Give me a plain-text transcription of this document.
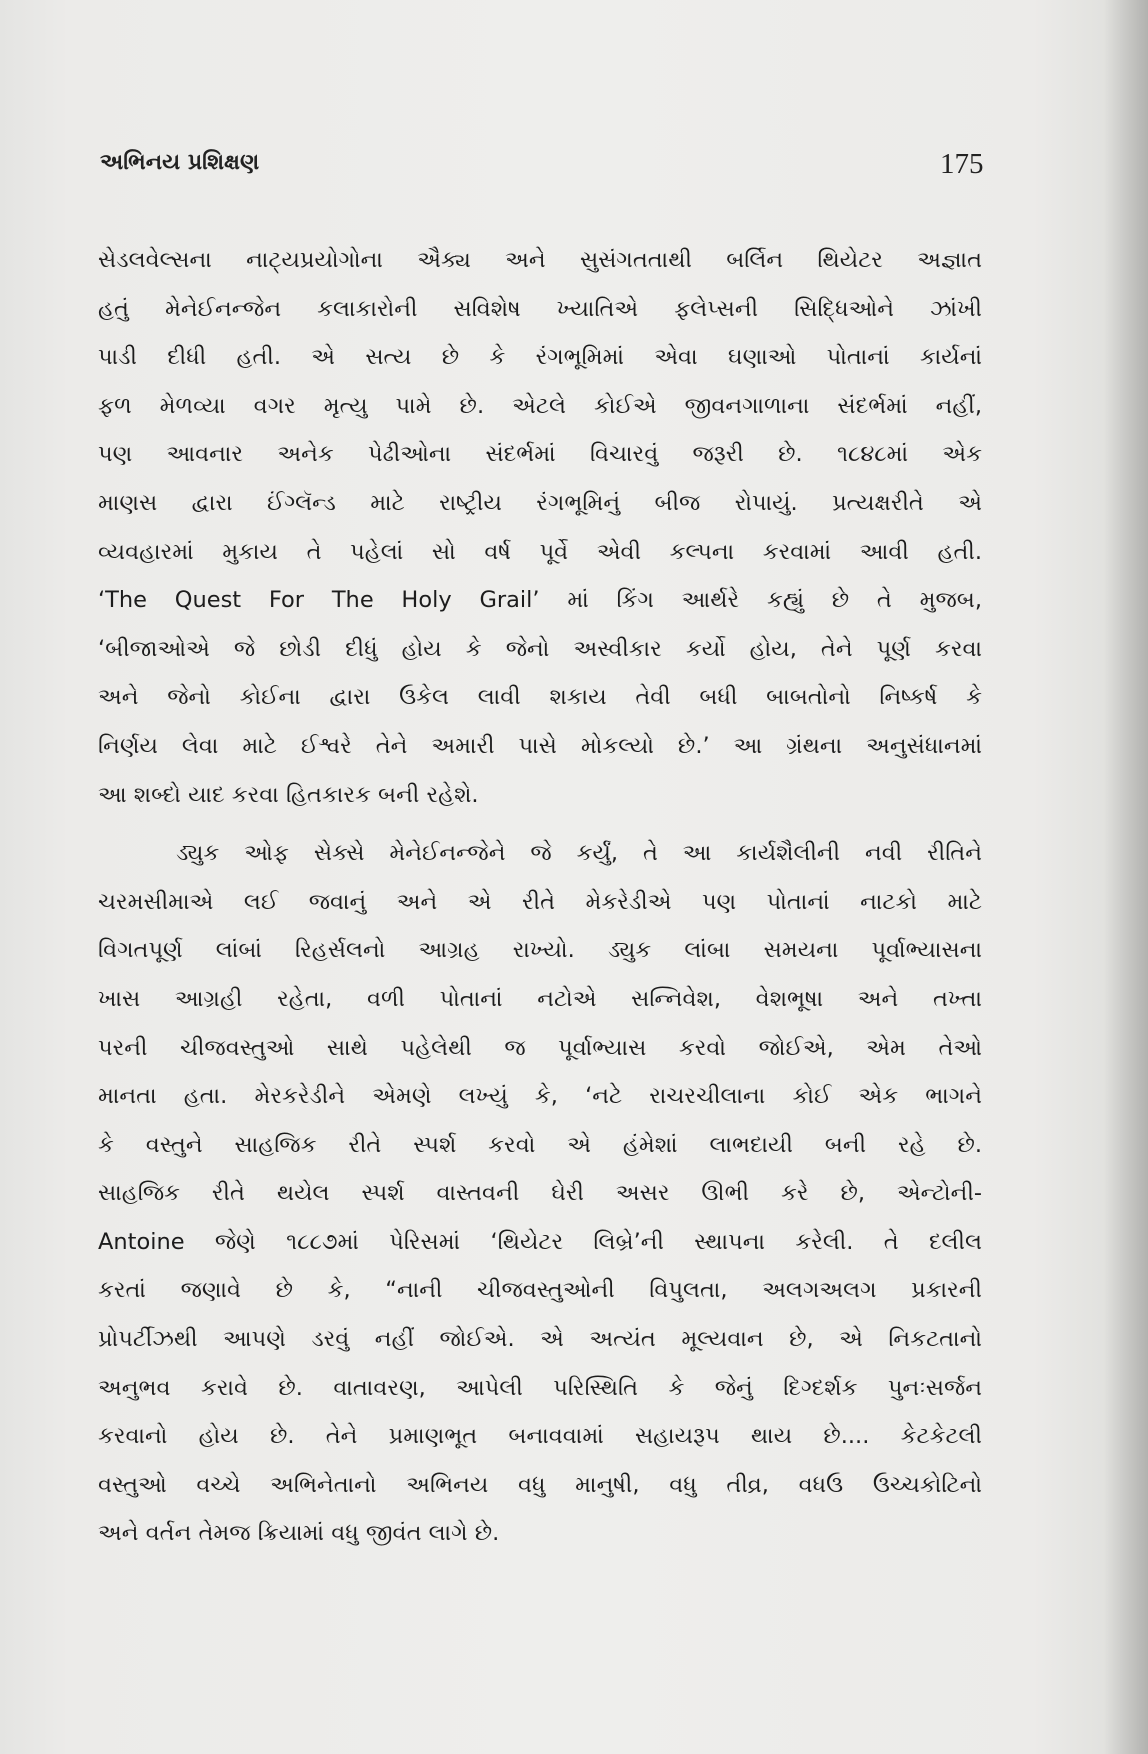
અભિનય પ્રશિક્ષણ	175
સેડલવેલ્સના નાટ્યપ્રયોગોના ઐક્ય અને સુસંગતતાથી બર્લિન થિયેટર અજ્ઞાત
હતું મેનેઈનન્જેન કલાકારોની સવિશેષ ખ્યાતિએ ફલેપ્સની સિદ્ધિઓને ઝાંખી
પાડી દીધી હતી. એ સત્ય છે કે રંગભૂમિમાં એવા ઘણાઓ પોતાનાં કાર્યનાં
ફળ મેળવ્યા વગર મૃત્યુ પામે છે. એટલે કોઈએ જીવનગાળાના સંદર્ભમાં નહીં,
પણ આવનાર અનેક પેઢીઓના સંદર્ભમાં વિચારવું જરૂરી છે. ૧૮૪૮માં એક
માણસ દ્વારા ઈંગ્લૅન્ડ માટે રાષ્ટ્રીય રંગભૂમિનું બીજ રોપાયું. પ્રત્યક્ષરીતે એ
વ્યવહારમાં મુકાય તે પહેલાં સો વર્ષ પૂર્વે એવી કલ્પના કરવામાં આવી હતી.
‘The Quest For The Holy Grail’ માં કિંગ આર્થરે કહ્યું છે તે મુજબ,
‘બીજાઓએ જે છોડી દીધું હોય કે જેનો અસ્વીકાર કર્યો હોય, તેને પૂર્ણ કરવા
અને જેનો કોઈના દ્વારા ઉકેલ લાવી શકાય તેવી બધી બાબતોનો નિષ્કર્ષ કે
નિર્ણય લેવા માટે ઈશ્વરે તેને અમારી પાસે મોકલ્યો છે.’ આ ગ્રંથના અનુસંધાનમાં
આ શબ્દો યાદ કરવા હિતકારક બની રહેશે.
ડ્યુક ઓફ સેક્સે મેનેઈનન્જેને જે કર્યું, તે આ કાર્યશૈલીની નવી રીતિને
ચરમસીમાએ લઈ જવાનું અને એ રીતે મેકરેડીએ પણ પોતાનાં નાટકો માટે
વિગતપૂર્ણ લાંબાં રિહર્સલનો આગ્રહ રાખ્યો. ડ્યુક લાંબા સમયના પૂર્વાભ્યાસના
ખાસ આગ્રહી રહેતા, વળી પોતાનાં નટોએ સન્નિવેશ, વેશભૂષા અને તખ્તા
પરની ચીજવસ્તુઓ સાથે પહેલેથી જ પૂર્વાભ્યાસ કરવો જોઈએ, એમ તેઓ
માનતા હતા. મેરકરેડીને એમણે લખ્યું કે, ‘નટે રાચરચીલાના કોઈ એક ભાગને
કે વસ્તુને સાહજિક રીતે સ્પર્શ કરવો એ હંમેશાં લાભદાયી બની રહે છે.
સાહજિક રીતે થયેલ સ્પર્શ વાસ્તવની ઘેરી અસર ઊભી કરે છે, એન્ટોની-
Antoine જેણે ૧૮૮૭માં પેરિસમાં ‘થિયેટર લિબ્રે’ની સ્થાપના કરેલી. તે દલીલ
કરતાં જણાવે છે કે, “નાની ચીજવસ્તુઓની વિપુલતા, અલગઅલગ પ્રકારની
પ્રોપર્ટીઝથી આપણે ડરવું નહીં જોઈએ. એ અત્યંત મૂલ્યવાન છે, એ નિકટતાનો
અનુભવ કરાવે છે. વાતાવરણ, આપેલી પરિસ્થિતિ કે જેનું દિગ્દર્શક પુનઃસર્જન
કરવાનો હોય છે. તેને પ્રમાણભૂત બનાવવામાં સહાયરૂપ થાય છે.... કેટકેટલી
વસ્તુઓ વચ્ચે અભિનેતાનો અભિનય વધુ માનુષી, વધુ તીવ્ર, વધઉ ઉચ્ચકોટિનો
અને વર્તન તેમજ ક્રિયામાં વધુ જીવંત લાગે છે.
